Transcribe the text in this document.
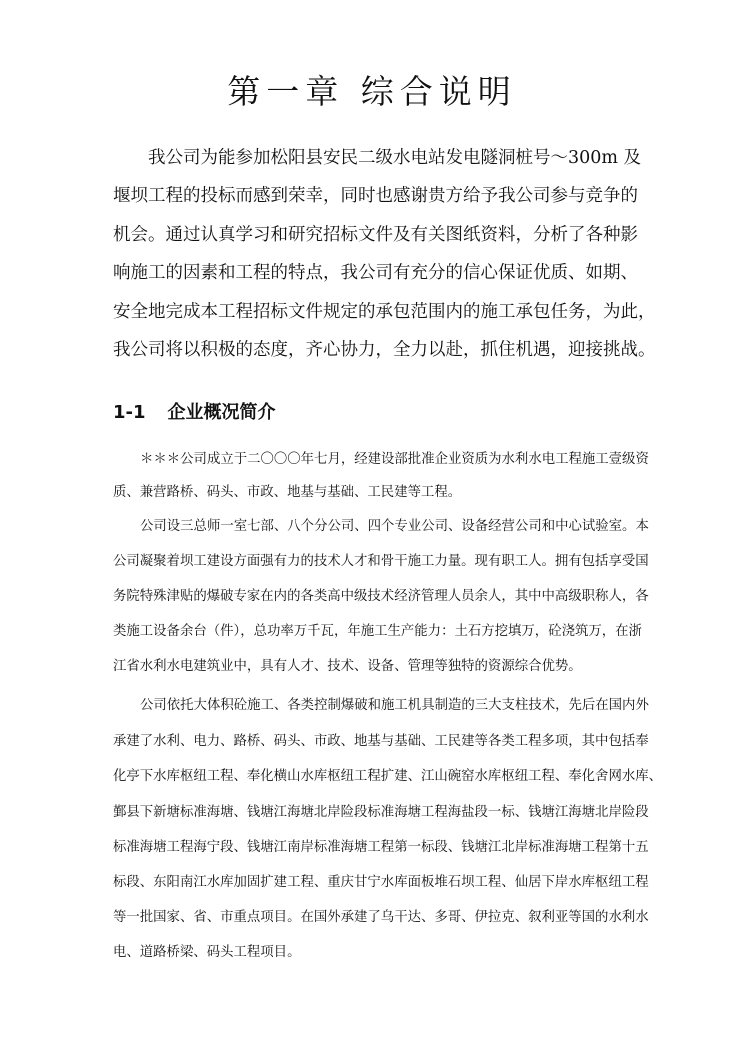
第一章 综合说明
我公司为能参加松阳县安民二级水电站发电隧洞桩号～300m 及
堰坝工程的投标而感到荣幸，同时也感谢贵方给予我公司参与竞争的
机会。通过认真学习和研究招标文件及有关图纸资料，分析了各种影
响施工的因素和工程的特点，我公司有充分的信心保证优质、如期、
安全地完成本工程招标文件规定的承包范围内的施工承包任务，为此，
我公司将以积极的态度，齐心协力，全力以赴，抓住机遇，迎接挑战。
1-1 企业概况简介
＊＊＊公司成立于二〇〇〇年七月，经建设部批准企业资质为水利水电工程施工壹级资
质、兼营路桥、码头、市政、地基与基础、工民建等工程。
公司设三总师一室七部、八个分公司、四个专业公司、设备经营公司和中心试验室。本
公司凝聚着坝工建设方面强有力的技术人才和骨干施工力量。现有职工人。拥有包括享受国
务院特殊津贴的爆破专家在内的各类高中级技术经济管理人员余人，其中中高级职称人，各
类施工设备余台（件），总功率万千瓦，年施工生产能力：土石方挖填万，砼浇筑万，在浙
江省水利水电建筑业中，具有人才、技术、设备、管理等独特的资源综合优势。
公司依托大体积砼施工、各类控制爆破和施工机具制造的三大支柱技术，先后在国内外
承建了水利、电力、路桥、码头、市政、地基与基础、工民建等各类工程多项，其中包括奉
化亭下水库枢纽工程、奉化横山水库枢纽工程扩建、江山碗窑水库枢纽工程、奉化舍网水库、
鄞县下新塘标准海塘、钱塘江海塘北岸险段标准海塘工程海盐段一标、钱塘江海塘北岸险段
标准海塘工程海宁段、钱塘江南岸标准海塘工程第一标段、钱塘江北岸标准海塘工程第十五
标段、东阳南江水库加固扩建工程、重庆甘宁水库面板堆石坝工程、仙居下岸水库枢纽工程
等一批国家、省、市重点项目。在国外承建了乌干达、多哥、伊拉克、叙利亚等国的水利水
电、道路桥梁、码头工程项目。
